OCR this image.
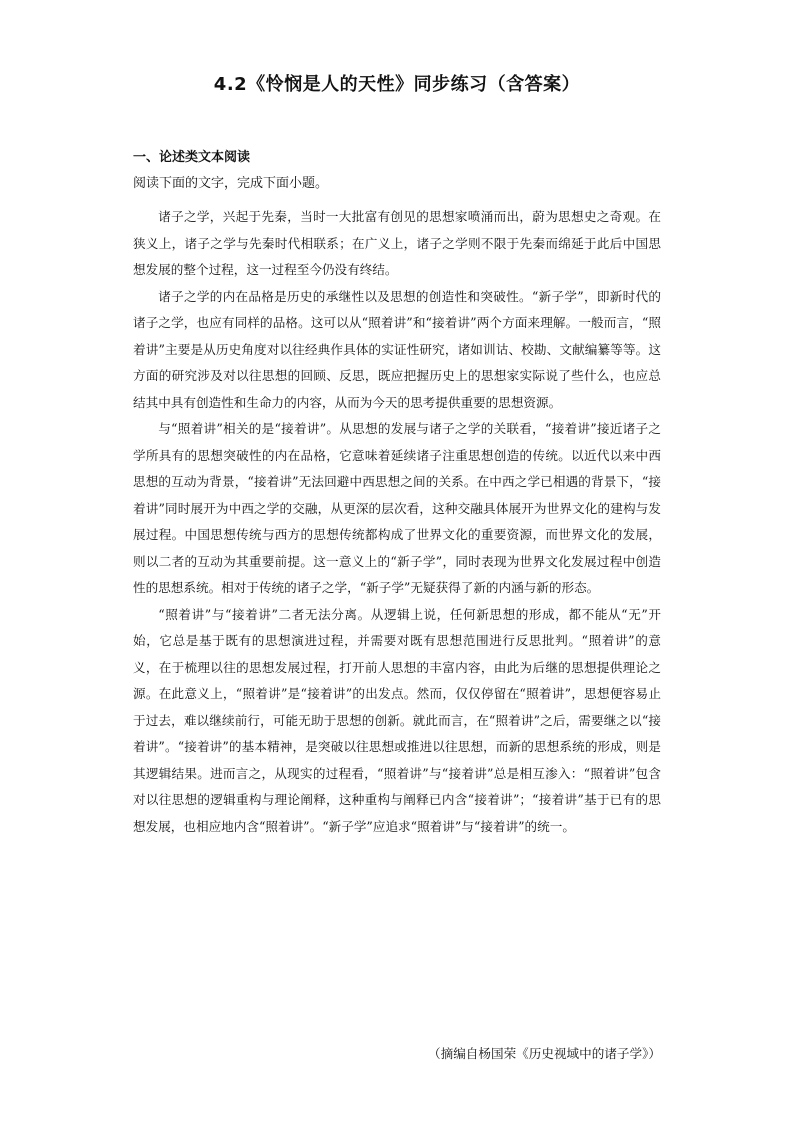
4.2《怜悯是人的天性》同步练习（含答案）
一、论述类文本阅读
阅读下面的文字，完成下面小题。

诸子之学，兴起于先秦，当时一大批富有创见的思想家喷涌而出，蔚为思想史之奇观。在狭义上，诸子之学与先秦时代相联系；在广义上，诸子之学则不限于先秦而绵延于此后中国思想发展的整个过程，这一过程至今仍没有终结。

诸子之学的内在品格是历史的承继性以及思想的创造性和突破性。“新子学”，即新时代的诸子之学，也应有同样的品格。这可以从“照着讲”和“接着讲”两个方面来理解。一般而言，“照着讲”主要是从历史角度对以往经典作具体的实证性研究，诸如训诂、校勘、文献编纂等等。这方面的研究涉及对以往思想的回顾、反思，既应把握历史上的思想家实际说了些什么，也应总结其中具有创造性和生命力的内容，从而为今天的思考提供重要的思想资源。

与“照着讲”相关的是“接着讲”。从思想的发展与诸子之学的关联看，“接着讲”接近诸子之学所具有的思想突破性的内在品格，它意味着延续诸子注重思想创造的传统。以近代以来中西思想的互动为背景，“接着讲”无法回避中西思想之间的关系。在中西之学已相遇的背景下，“接着讲”同时展开为中西之学的交融，从更深的层次看，这种交融具体展开为世界文化的建构与发展过程。中国思想传统与西方的思想传统都构成了世界文化的重要资源，而世界文化的发展，则以二者的互动为其重要前提。这一意义上的“新子学”，同时表现为世界文化发展过程中创造性的思想系统。相对于传统的诸子之学，“新子学”无疑获得了新的内涵与新的形态。

“照着讲”与“接着讲”二者无法分离。从逻辑上说，任何新思想的形成，都不能从“无”开始，它总是基于既有的思想演进过程，并需要对既有思想范围进行反思批判。“照着讲”的意义，在于梳理以往的思想发展过程，打开前人思想的丰富内容，由此为后继的思想提供理论之源。在此意义上，“照着讲”是“接着讲”的出发点。然而，仅仅停留在“照着讲”，思想便容易止于过去，难以继续前行，可能无助于思想的创新。就此而言，在“照着讲”之后，需要继之以“接着讲”。“接着讲”的基本精神，是突破以往思想或推进以往思想，而新的思想系统的形成，则是其逻辑结果。进而言之，从现实的过程看，“照着讲”与“接着讲”总是相互渗入：“照着讲”包含对以往思想的逻辑重构与理论阐释，这种重构与阐释已内含“接着讲”；“接着讲”基于已有的思想发展，也相应地内含“照着讲”。“新子学”应追求“照着讲”与“接着讲”的统一。

（摘编自杨国荣《历史视域中的诸子学》）
